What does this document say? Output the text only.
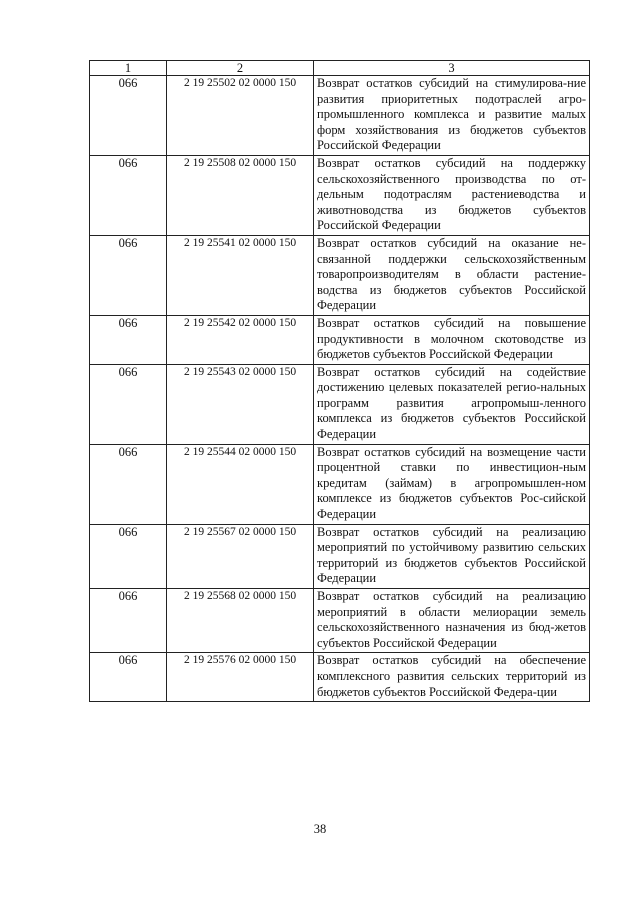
1	2	3
066	2 19 25502 02 0000 150	Возврат остатков субсидий на стимулирова-ние развития приоритетных подотраслей агро-промышленного комплекса и развитие малых форм хозяйствования из бюджетов субъектов Российской Федерации
066	2 19 25508 02 0000 150	Возврат остатков субсидий на поддержку сельскохозяйственного производства по от-дельным подотраслям растениеводства и животноводства из бюджетов субъектов Российской Федерации
066	2 19 25541 02 0000 150	Возврат остатков субсидий на оказание не-связанной поддержки сельскохозяйственным товаропроизводителям в области растение-водства из бюджетов субъектов Российской Федерации
066	2 19 25542 02 0000 150	Возврат остатков субсидий на повышение продуктивности в молочном скотоводстве из бюджетов субъектов Российской Федерации
066	2 19 25543 02 0000 150	Возврат остатков субсидий на содействие достижению целевых показателей регио-нальных программ развития агропромыш-ленного комплекса из бюджетов субъектов Российской Федерации
066	2 19 25544 02 0000 150	Возврат остатков субсидий на возмещение части процентной ставки по инвестицион-ным кредитам (займам) в агропромышлен-ном комплексе из бюджетов субъектов Рос-сийской Федерации
066	2 19 25567 02 0000 150	Возврат остатков субсидий на реализацию мероприятий по устойчивому развитию сельских территорий из бюджетов субъектов Российской Федерации
066	2 19 25568 02 0000 150	Возврат остатков субсидий на реализацию мероприятий в области мелиорации земель сельскохозяйственного назначения из бюд-жетов субъектов Российской Федерации
066	2 19 25576 02 0000 150	Возврат остатков субсидий на обеспечение комплексного развития сельских территорий из бюджетов субъектов Российской Федера-ции
38
